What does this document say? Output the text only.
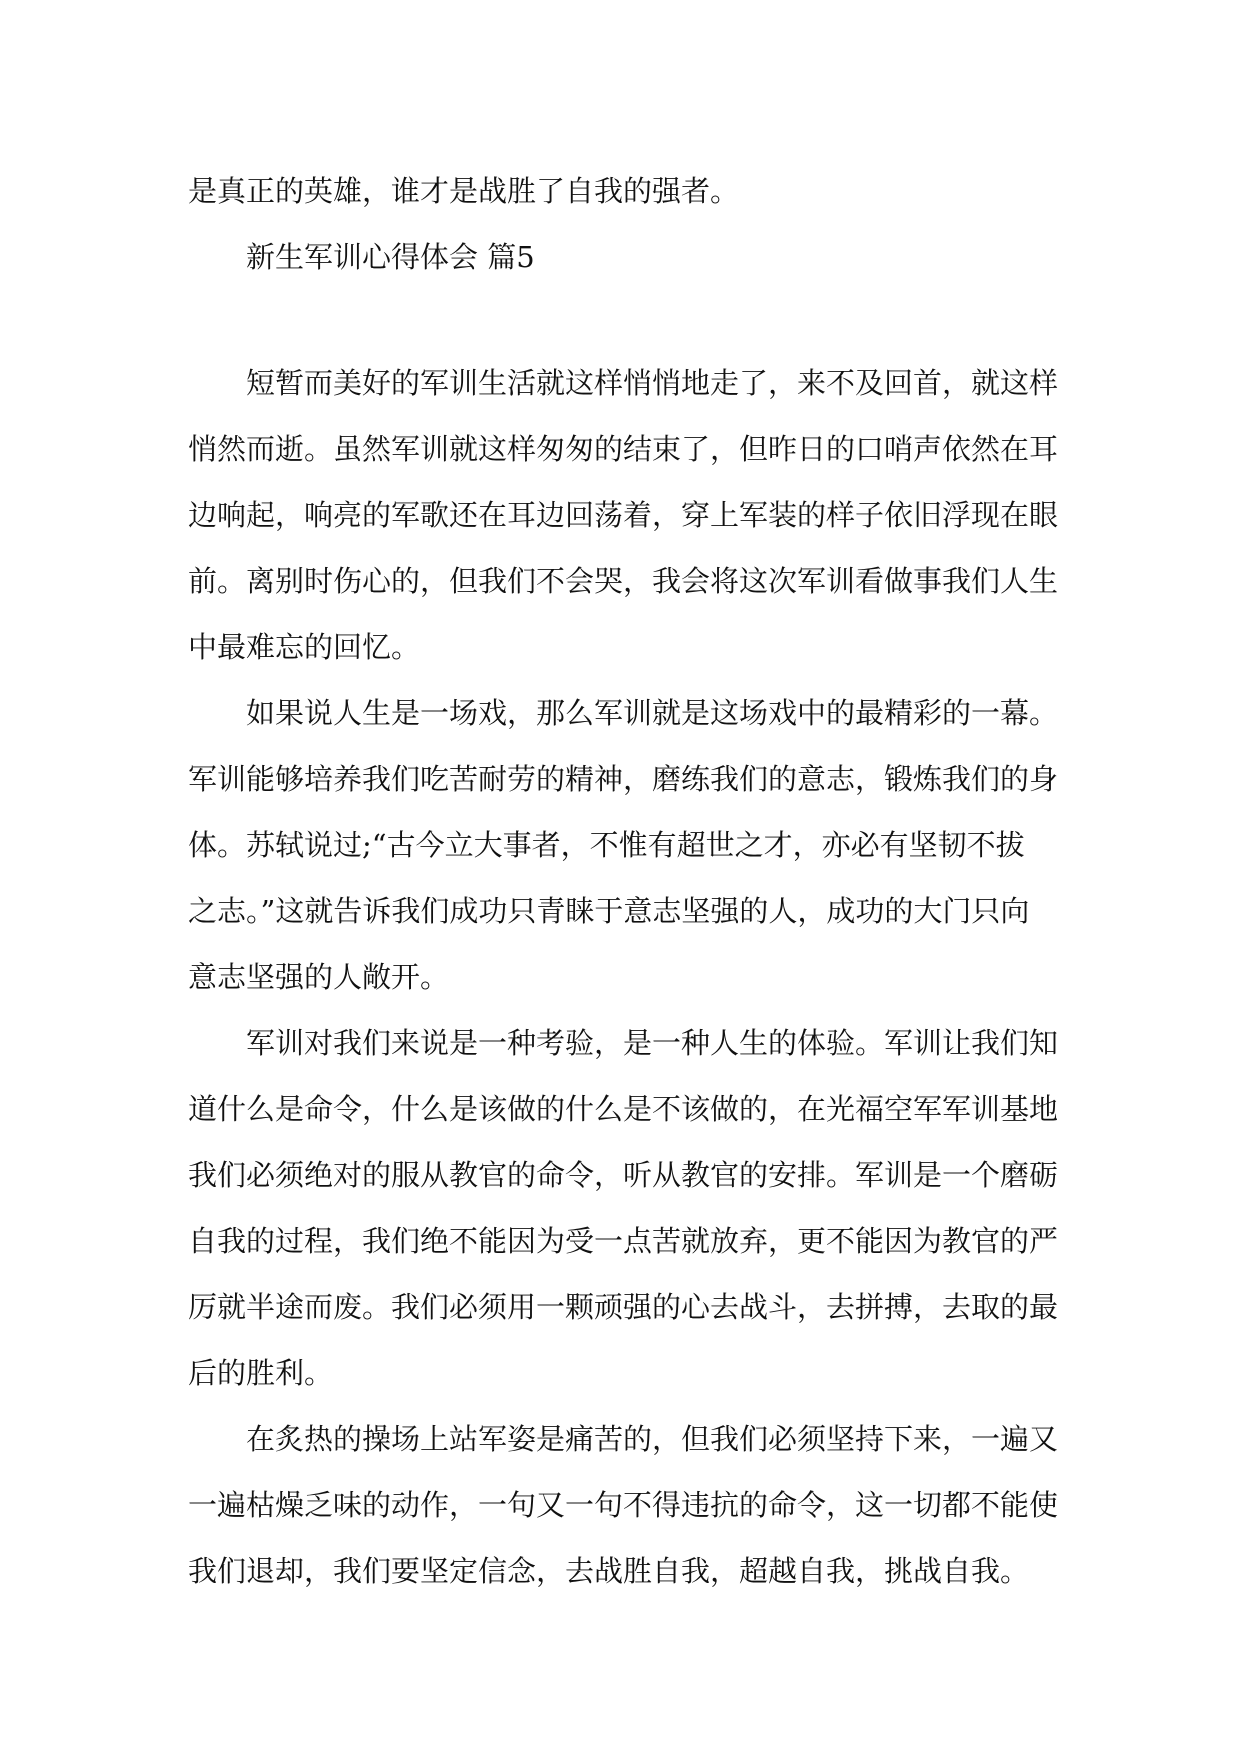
是真正的英雄，谁才是战胜了自我的强者。
新生军训心得体会 篇5
短暂而美好的军训生活就这样悄悄地走了，来不及回首，就这样
悄然而逝。虽然军训就这样匆匆的结束了，但昨日的口哨声依然在耳
边响起，响亮的军歌还在耳边回荡着，穿上军装的样子依旧浮现在眼
前。离别时伤心的，但我们不会哭，我会将这次军训看做事我们人生
中最难忘的回忆。
如果说人生是一场戏，那么军训就是这场戏中的最精彩的一幕。
军训能够培养我们吃苦耐劳的精神，磨练我们的意志，锻炼我们的身
体。苏轼说过;“古今立大事者，不惟有超世之才，亦必有坚韧不拔
之志。”这就告诉我们成功只青睐于意志坚强的人，成功的大门只向
意志坚强的人敞开。
军训对我们来说是一种考验，是一种人生的体验。军训让我们知
道什么是命令，什么是该做的什么是不该做的，在光福空军军训基地
我们必须绝对的服从教官的命令，听从教官的安排。军训是一个磨砺
自我的过程，我们绝不能因为受一点苦就放弃，更不能因为教官的严
厉就半途而废。我们必须用一颗顽强的心去战斗，去拼搏，去取的最
后的胜利。
在炙热的操场上站军姿是痛苦的，但我们必须坚持下来，一遍又
一遍枯燥乏味的动作，一句又一句不得违抗的命令，这一切都不能使
我们退却，我们要坚定信念，去战胜自我，超越自我，挑战自我。
